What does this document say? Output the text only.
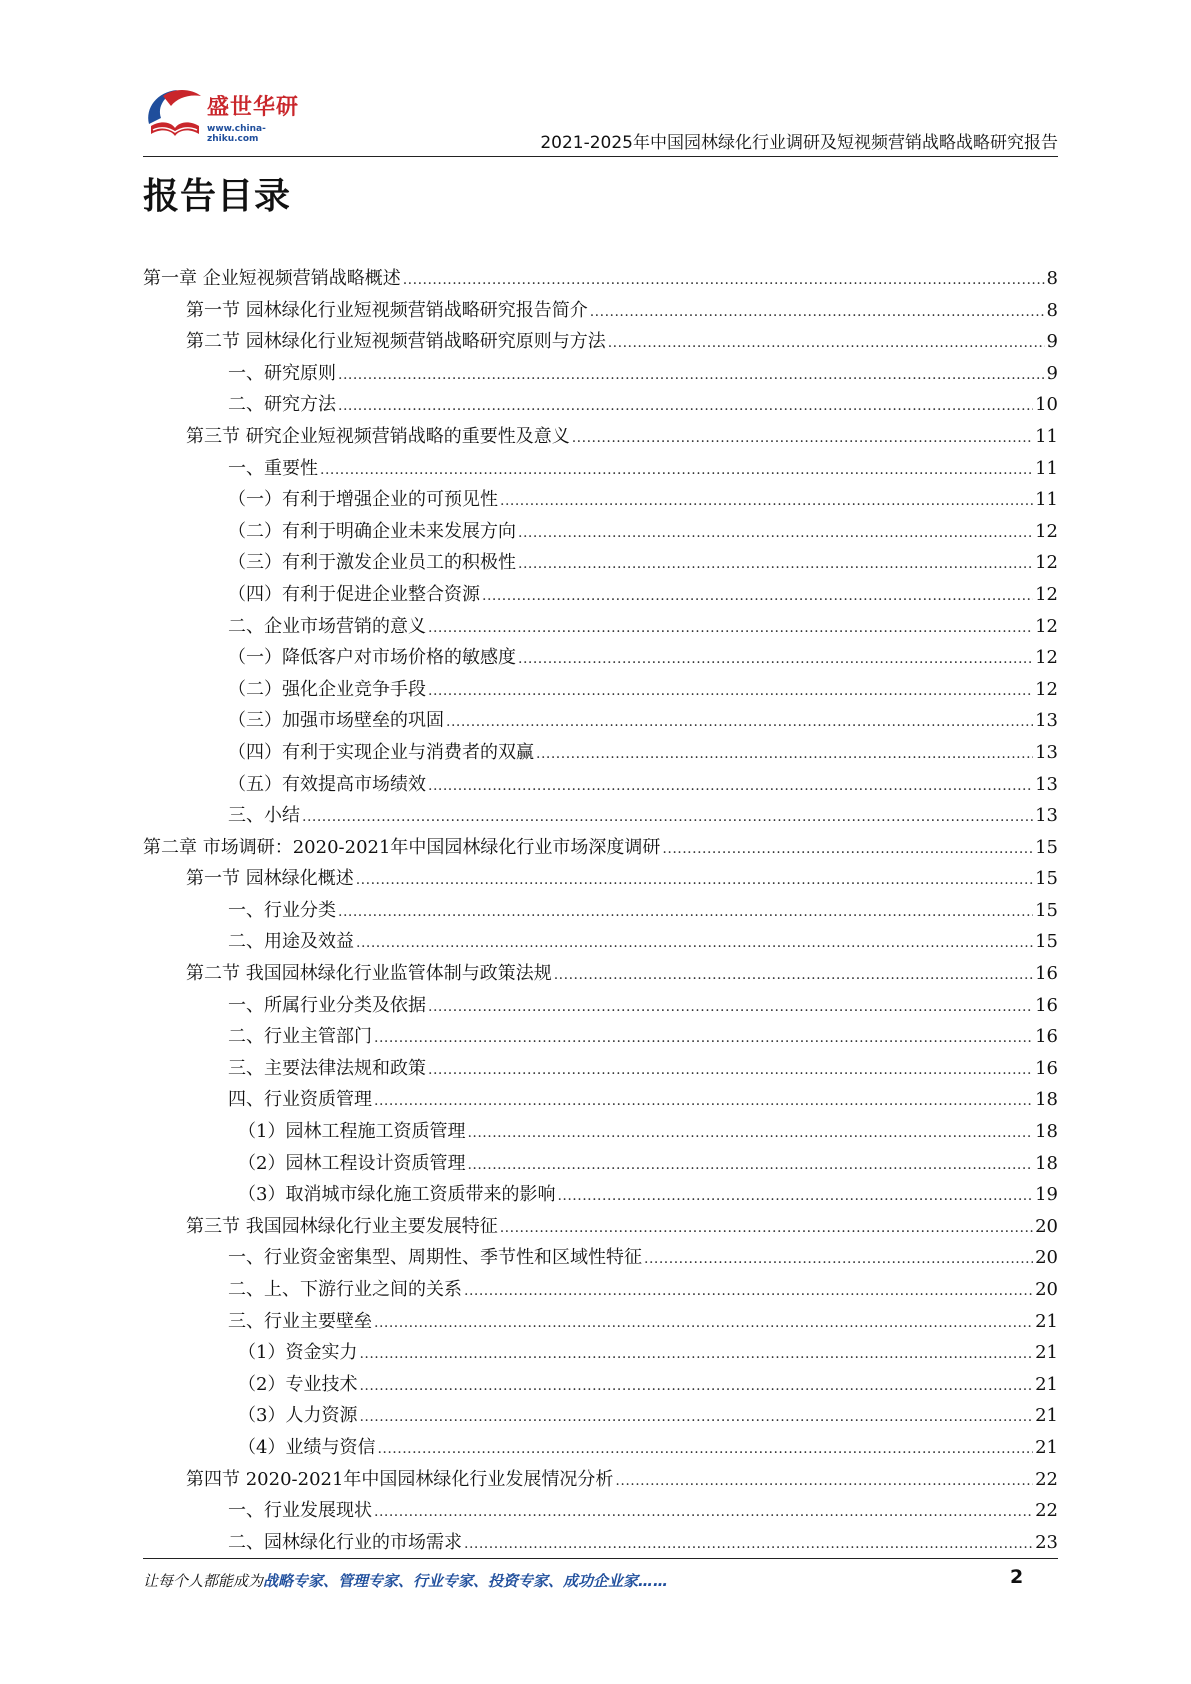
盛世华研
www.china-zhiku.com	2021-2025年中国园林绿化行业调研及短视频营销战略战略研究报告
报告目录
第一章 企业短视频营销战略概述 .....	8
第一节 园林绿化行业短视频营销战略研究报告简介 .....	8
第二节 园林绿化行业短视频营销战略研究原则与方法 .....	9
一、研究原则 .....	9
二、研究方法 .....	10
第三节 研究企业短视频营销战略的重要性及意义 .....	11
一、重要性 .....	11
（一）有利于增强企业的可预见性 .....	11
（二）有利于明确企业未来发展方向 .....	12
（三）有利于激发企业员工的积极性 .....	12
（四）有利于促进企业整合资源 .....	12
二、企业市场营销的意义 .....	12
（一）降低客户对市场价格的敏感度 .....	12
（二）强化企业竞争手段 .....	12
（三）加强市场壁垒的巩固 .....	13
（四）有利于实现企业与消费者的双赢 .....	13
（五）有效提高市场绩效 .....	13
三、小结 .....	13
第二章 市场调研：2020-2021年中国园林绿化行业市场深度调研 .....	15
第一节 园林绿化概述 .....	15
一、行业分类 .....	15
二、用途及效益 .....	15
第二节 我国园林绿化行业监管体制与政策法规 .....	16
一、所属行业分类及依据 .....	16
二、行业主管部门 .....	16
三、主要法律法规和政策 .....	16
四、行业资质管理 .....	18
（1）园林工程施工资质管理 .....	18
（2）园林工程设计资质管理 .....	18
（3）取消城市绿化施工资质带来的影响 .....	19
第三节 我国园林绿化行业主要发展特征 .....	20
一、行业资金密集型、周期性、季节性和区域性特征 .....	20
二、上、下游行业之间的关系 .....	20
三、行业主要壁垒 .....	21
（1）资金实力 .....	21
（2）专业技术 .....	21
（3）人力资源 .....	21
（4）业绩与资信 .....	21
第四节 2020-2021年中国园林绿化行业发展情况分析 .....	22
一、行业发展现状 .....	22
二、园林绿化行业的市场需求 .....	23
让每个人都能成为战略专家、管理专家、行业专家、投资专家、成功企业家……	2
